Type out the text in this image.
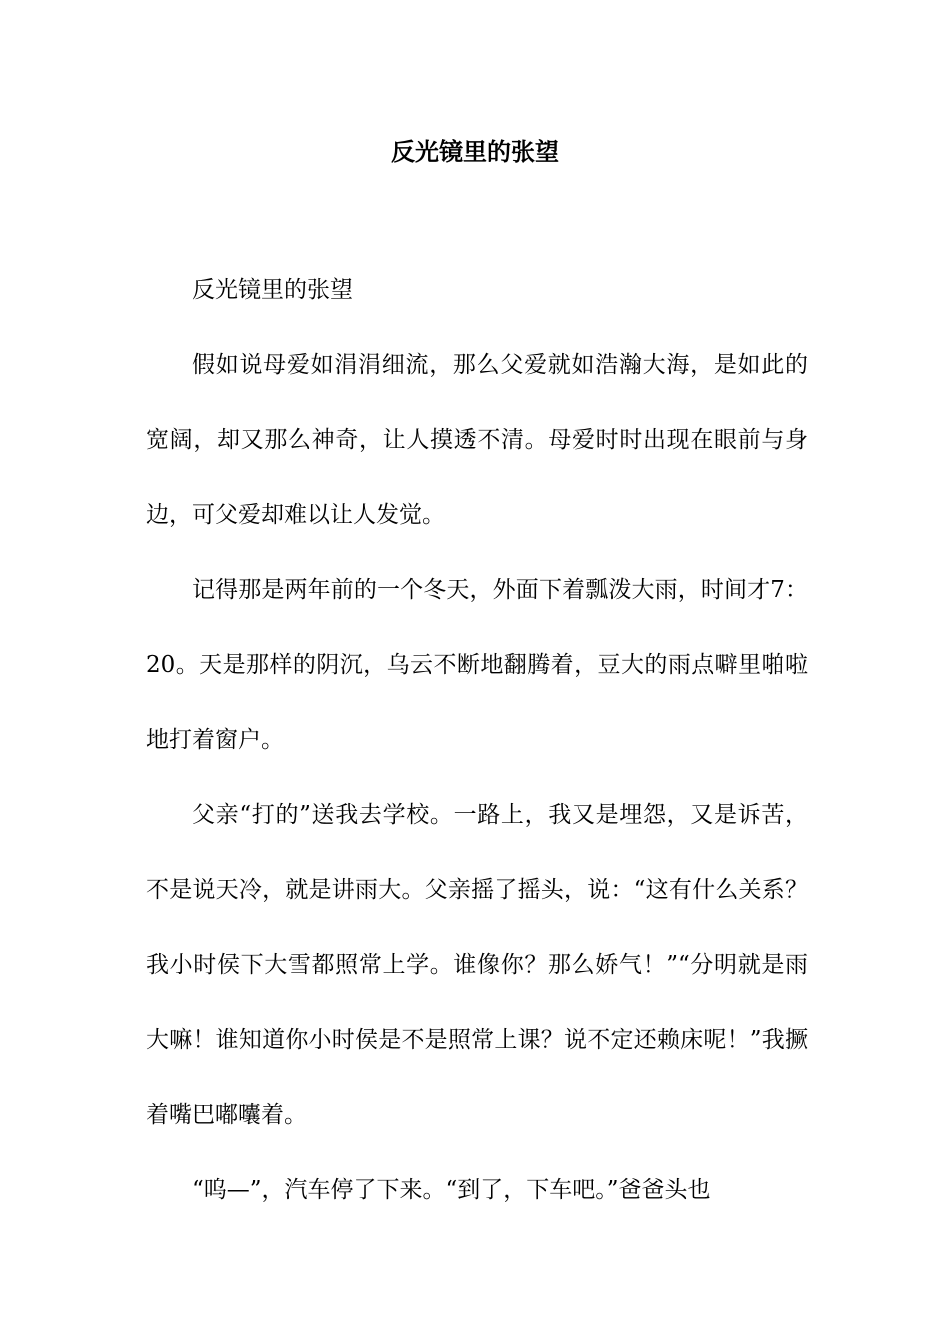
反光镜里的张望

反光镜里的张望

假如说母爱如涓涓细流，那么父爱就如浩瀚大海，是如此的宽阔，却又那么神奇，让人摸透不清。母爱时时出现在眼前与身边，可父爱却难以让人发觉。

记得那是两年前的一个冬天，外面下着瓢泼大雨，时间才7：20。天是那样的阴沉，乌云不断地翻腾着，豆大的雨点噼里啪啦地打着窗户。

父亲“打的”送我去学校。一路上，我又是埋怨，又是诉苦，不是说天冷，就是讲雨大。父亲摇了摇头，说：“这有什么关系？我小时侯下大雪都照常上学。谁像你？那么娇气！”“分明就是雨大嘛！谁知道你小时侯是不是照常上课？说不定还赖床呢！”我撅着嘴巴嘟囔着。

“呜—”，汽车停了下来。“到了，下车吧。”爸爸头也
